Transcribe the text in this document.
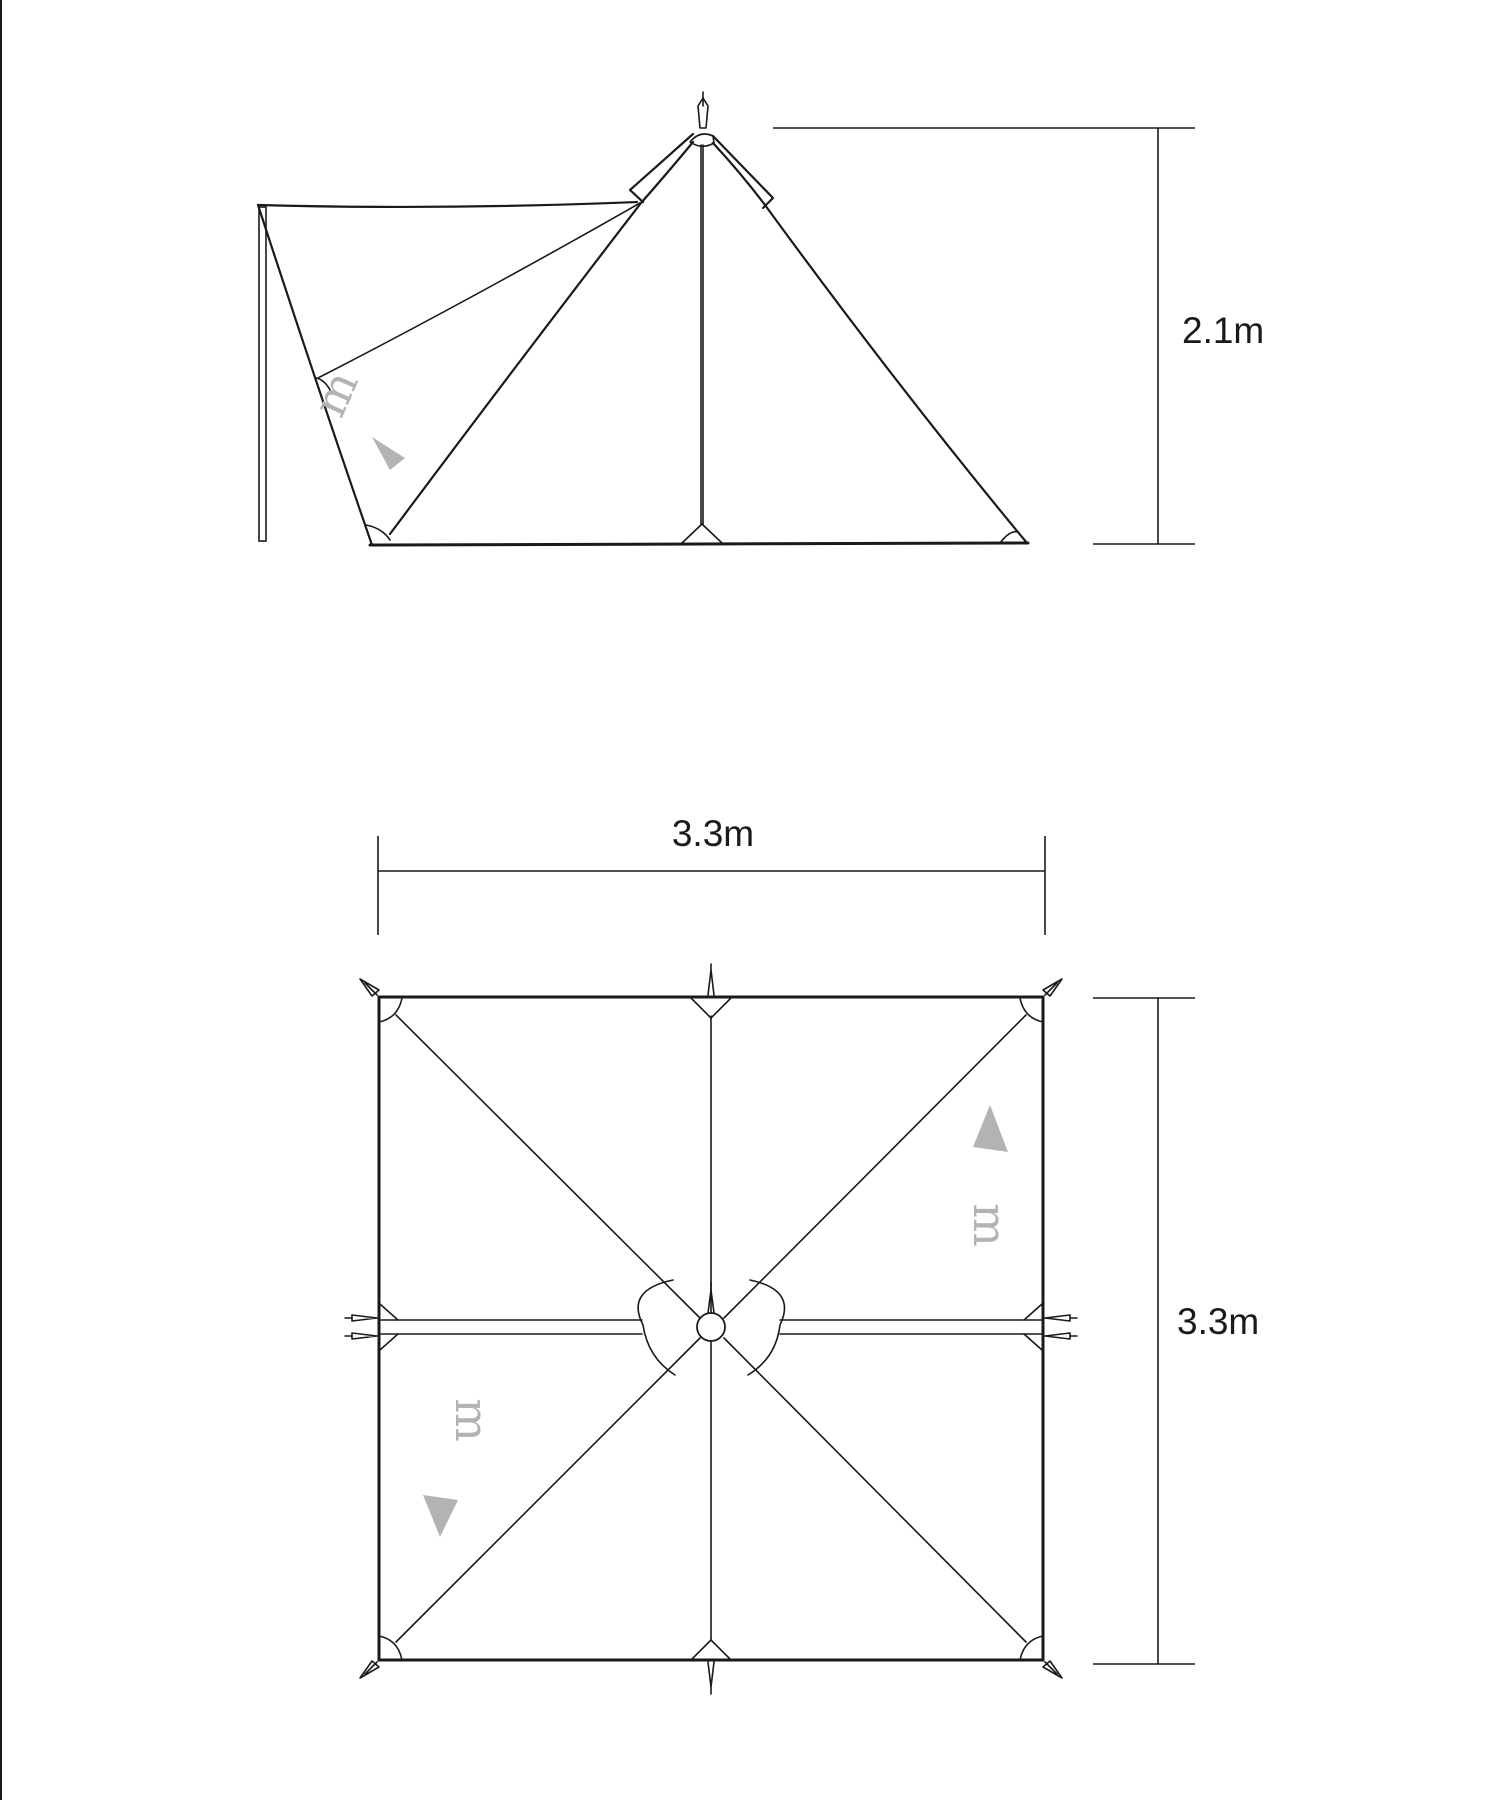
m
2.1m
3.3m
m
m
3.3m
